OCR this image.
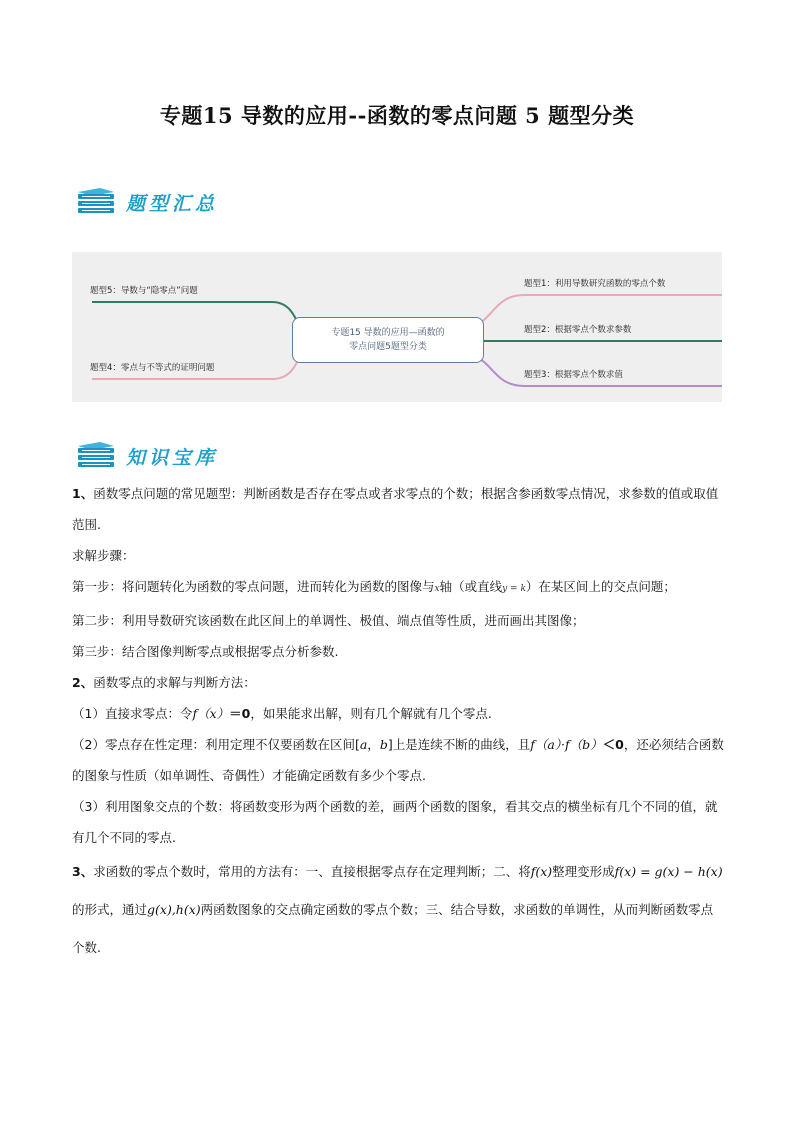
专题15 导数的应用--函数的零点问题 5 题型分类
题型汇总
题型5：导数与“隐零点”问题
题型4：零点与不等式的证明问题
题型1：利用导数研究函数的零点个数
题型2：根据零点个数求参数
题型3：根据零点个数求值
专题15 导数的应用—函数的
零点问题5题型分类
知识宝库

1、函数零点问题的常见题型：判断函数是否存在零点或者求零点的个数；根据含参函数零点情况，求参数的值或取值范围.

求解步骤：

第一步：将问题转化为函数的零点问题，进而转化为函数的图像与x轴（或直线y = k）在某区间上的交点问题；

第二步：利用导数研究该函数在此区间上的单调性、极值、端点值等性质，进而画出其图像；

第三步：结合图像判断零点或根据零点分析参数.

2、函数零点的求解与判断方法：

（1）直接求零点：令f（x）＝0，如果能求出解，则有几个解就有几个零点.

（2）零点存在性定理：利用定理不仅要函数在区间[a，b]上是连续不断的曲线，且f（a）·f（b）＜0，还必须结合函数的图象与性质（如单调性、奇偶性）才能确定函数有多少个零点.

（3）利用图象交点的个数：将函数变形为两个函数的差，画两个函数的图象，看其交点的横坐标有几个不同的值，就有几个不同的零点.

3、求函数的零点个数时，常用的方法有：一、直接根据零点存在定理判断；二、将f(x)整理变形成f(x) = g(x) − h(x)的形式，通过g(x),h(x)两函数图象的交点确定函数的零点个数；三、结合导数，求函数的单调性，从而判断函数零点个数.
